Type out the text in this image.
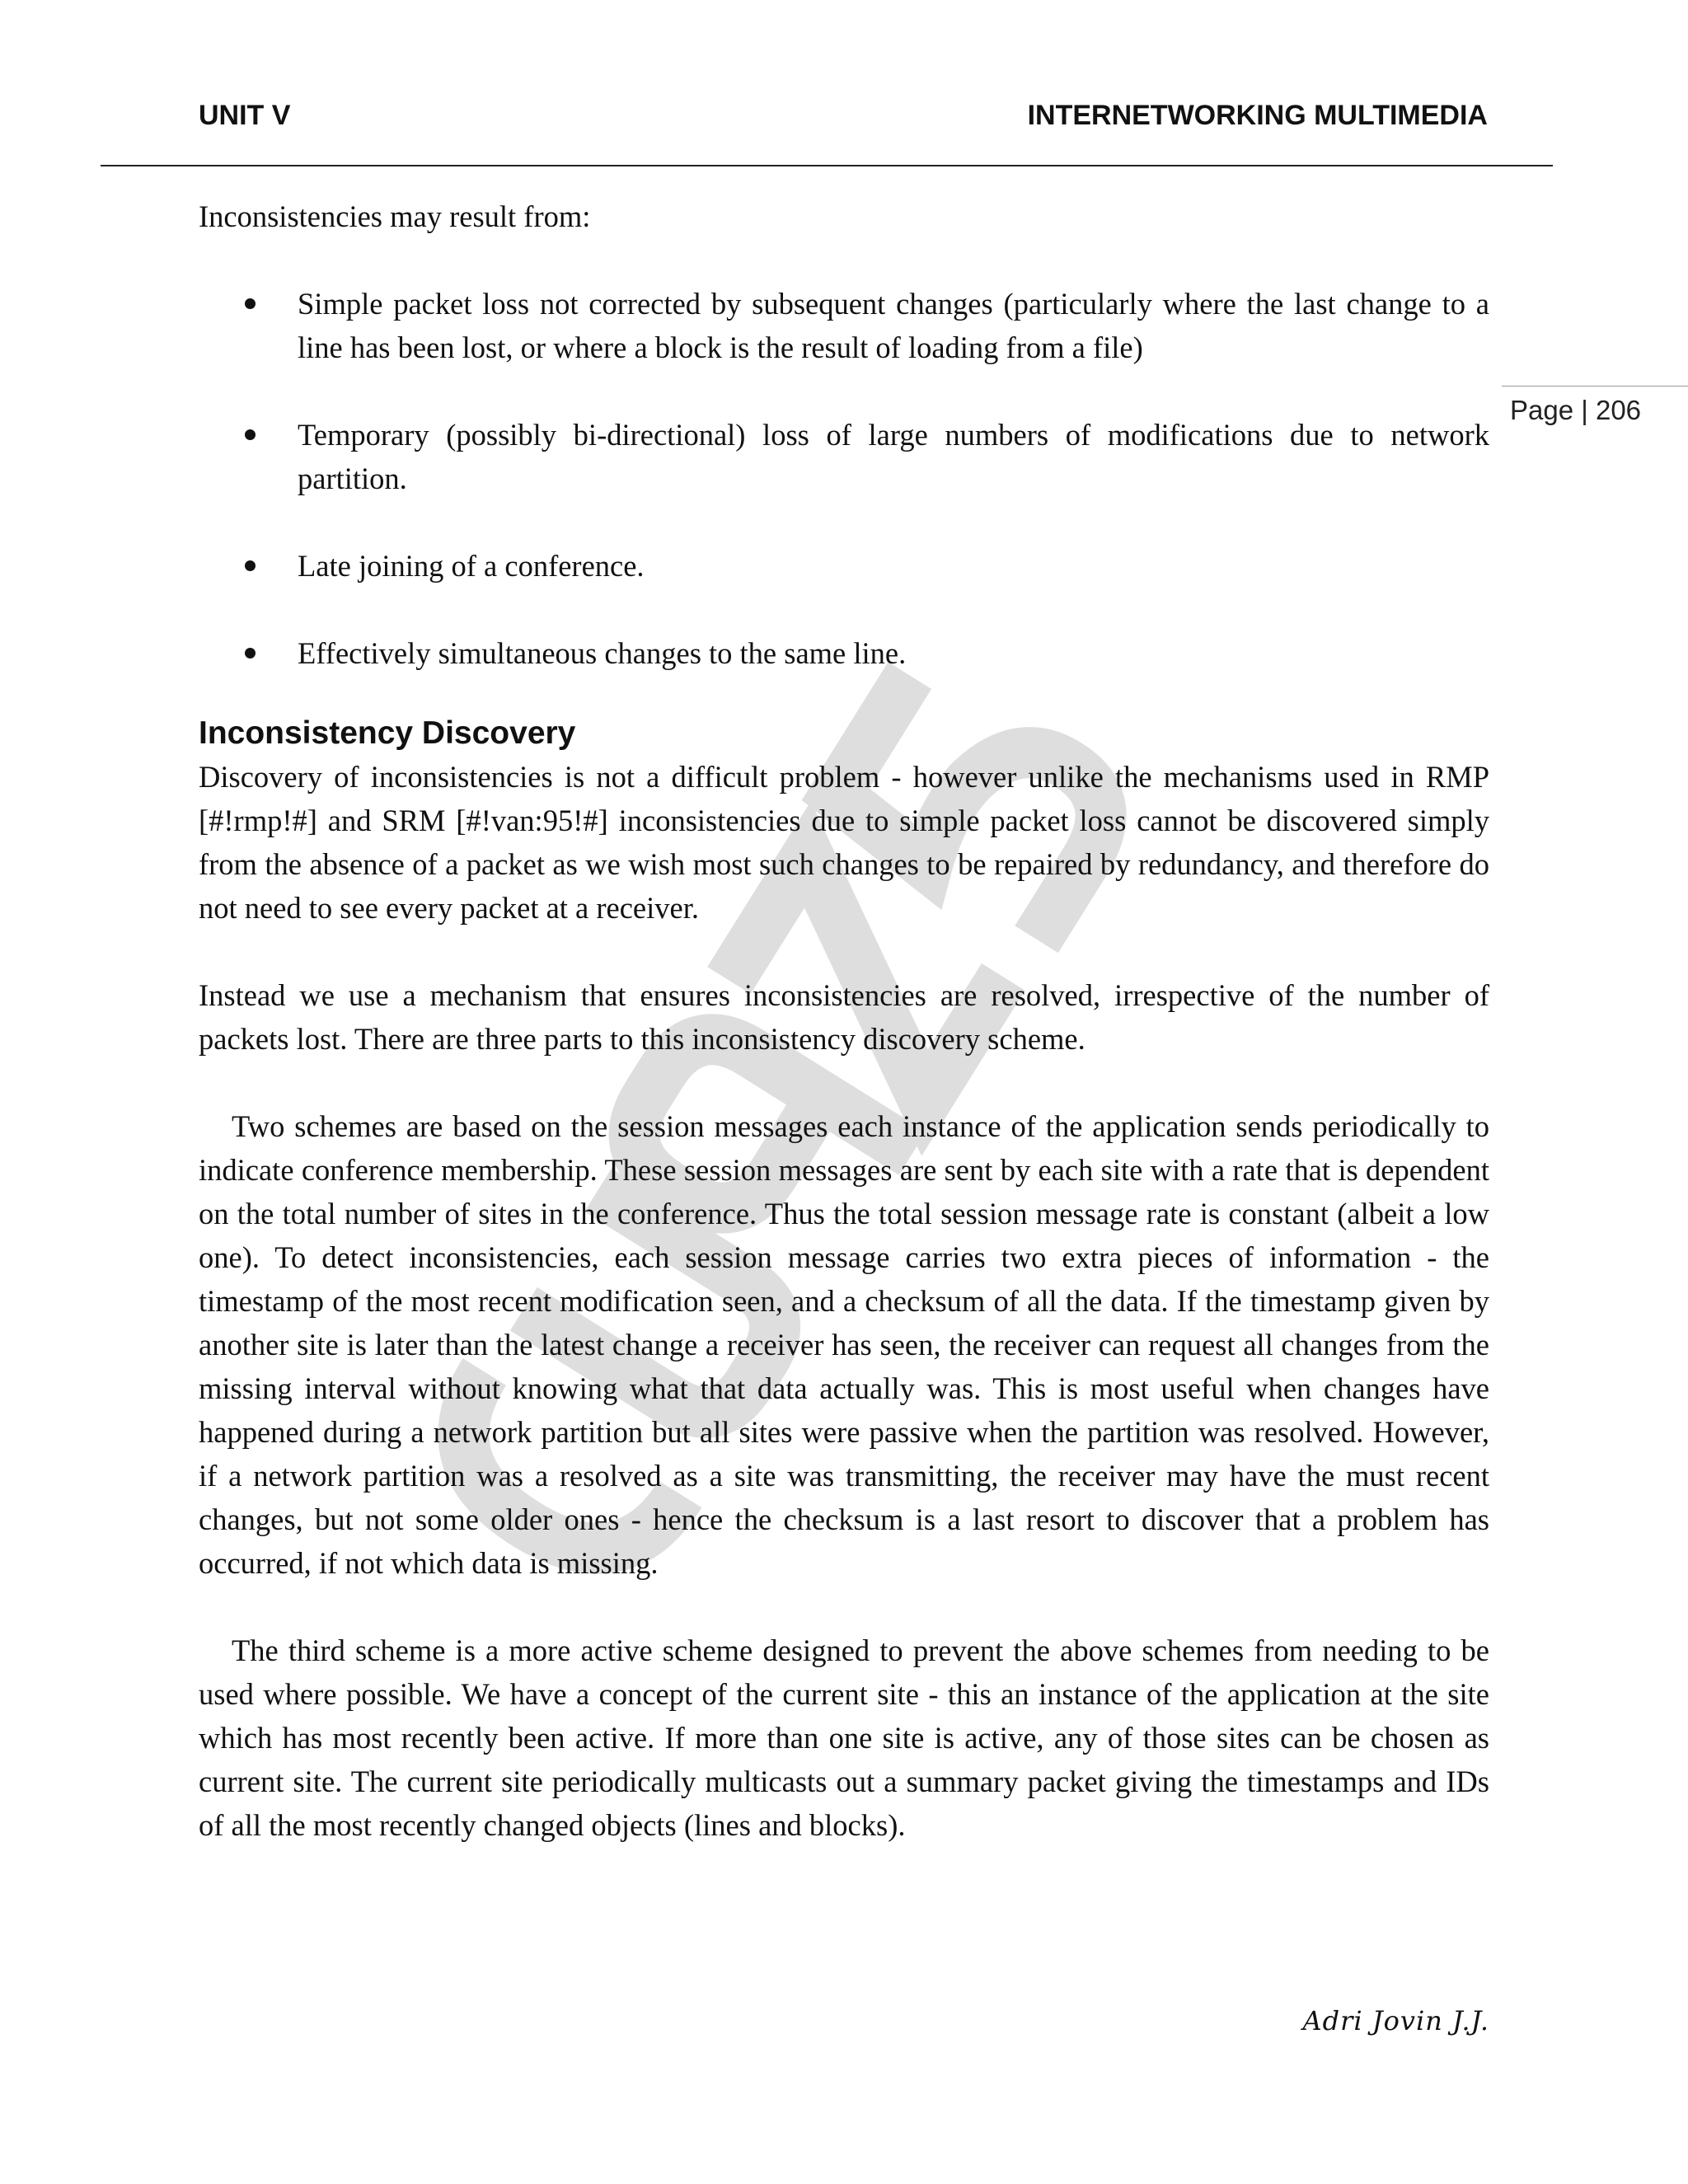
UNIT V	INTERNETWORKING MULTIMEDIA
Page | 206

Inconsistencies may result from:

Simple packet loss not corrected by subsequent changes (particularly where the last change to a line has been lost, or where a block is the result of loading from a file)
Temporary (possibly bi-directional) loss of large numbers of modifications due to network partition.
Late joining of a conference.
Effectively simultaneous changes to the same line.
Inconsistency Discovery

Discovery of inconsistencies is not a difficult problem - however unlike the mechanisms used in RMP [#!rmp!#] and SRM [#!van:95!#] inconsistencies due to simple packet loss cannot be discovered simply from the absence of a packet as we wish most such changes to be repaired by redundancy, and therefore do not need to see every packet at a receiver.

Instead we use a mechanism that ensures inconsistencies are resolved, irrespective of the number of packets lost. There are three parts to this inconsistency discovery scheme.

Two schemes are based on the session messages each instance of the application sends periodically to indicate conference membership. These session messages are sent by each site with a rate that is dependent on the total number of sites in the conference. Thus the total session message rate is constant (albeit a low one). To detect inconsistencies, each session message carries two extra pieces of information - the timestamp of the most recent modification seen, and a checksum of all the data. If the timestamp given by another site is later than the latest change a receiver has seen, the receiver can request all changes from the missing interval without knowing what that data actually was. This is most useful when changes have happened during a network partition but all sites were passive when the partition was resolved. However, if a network partition was a resolved as a site was transmitting, the receiver may have the must recent changes, but not some older ones - hence the checksum is a last resort to discover that a problem has occurred, if not which data is missing.

The third scheme is a more active scheme designed to prevent the above schemes from needing to be used where possible. We have a concept of the current site - this an instance of the application at the site which has most recently been active. If more than one site is active, any of those sites can be chosen as current site. The current site periodically multicasts out a summary packet giving the timestamps and IDs of all the most recently changed objects (lines and blocks).

Adri Jovin J.J.
